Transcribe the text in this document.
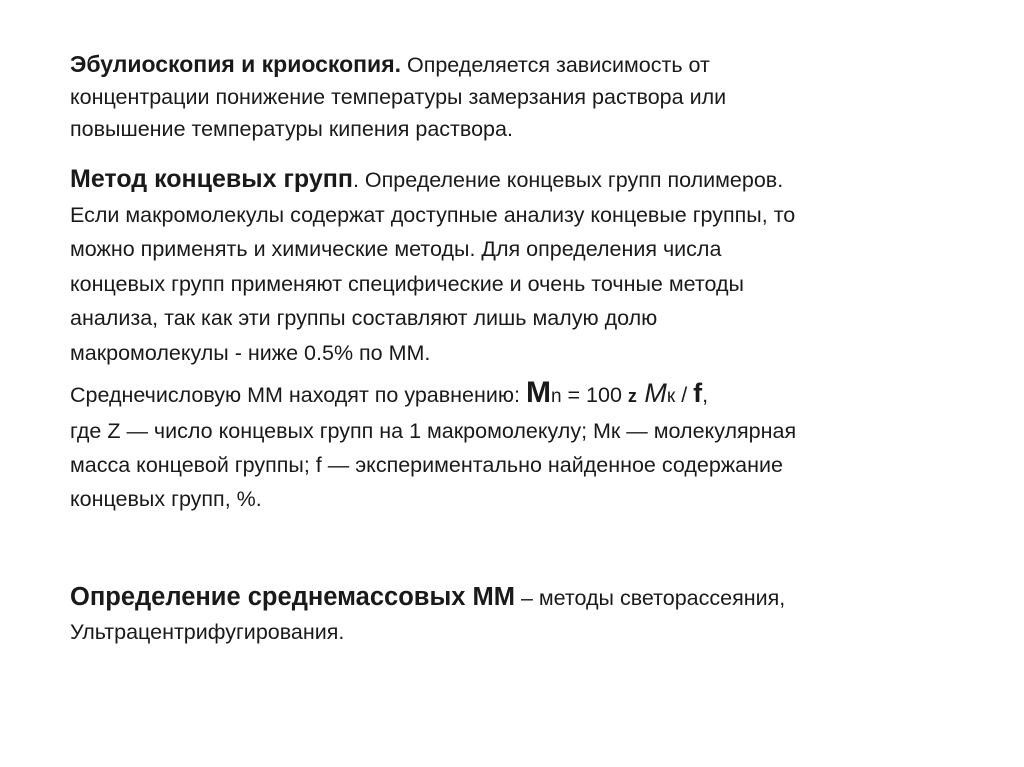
Эбулиоскопия и криоскопия. Определяется зависимость от
концентрации понижение температуры замерзания раствора или
повышение температуры кипения раствора.
Метод концевых групп. Определение концевых групп полимеров.
Если макромолекулы содержат доступные анализу концевые группы, то
можно применять и химические методы. Для определения числа
концевых групп применяют специфические и очень точные методы
анализа, так как эти группы составляют лишь малую долю
макромолекулы - ниже 0.5% по ММ.
Среднечисловую ММ находят по уравнению: Mn = 100 z Mк / f,
где Z — число концевых групп на 1 макромолекулу; Мк — молекулярная
масса концевой группы; f — экспериментально найденное содержание
концевых групп, %.
Определение среднемассовых ММ – методы светорассеяния,
Ультрацентрифугирования.
